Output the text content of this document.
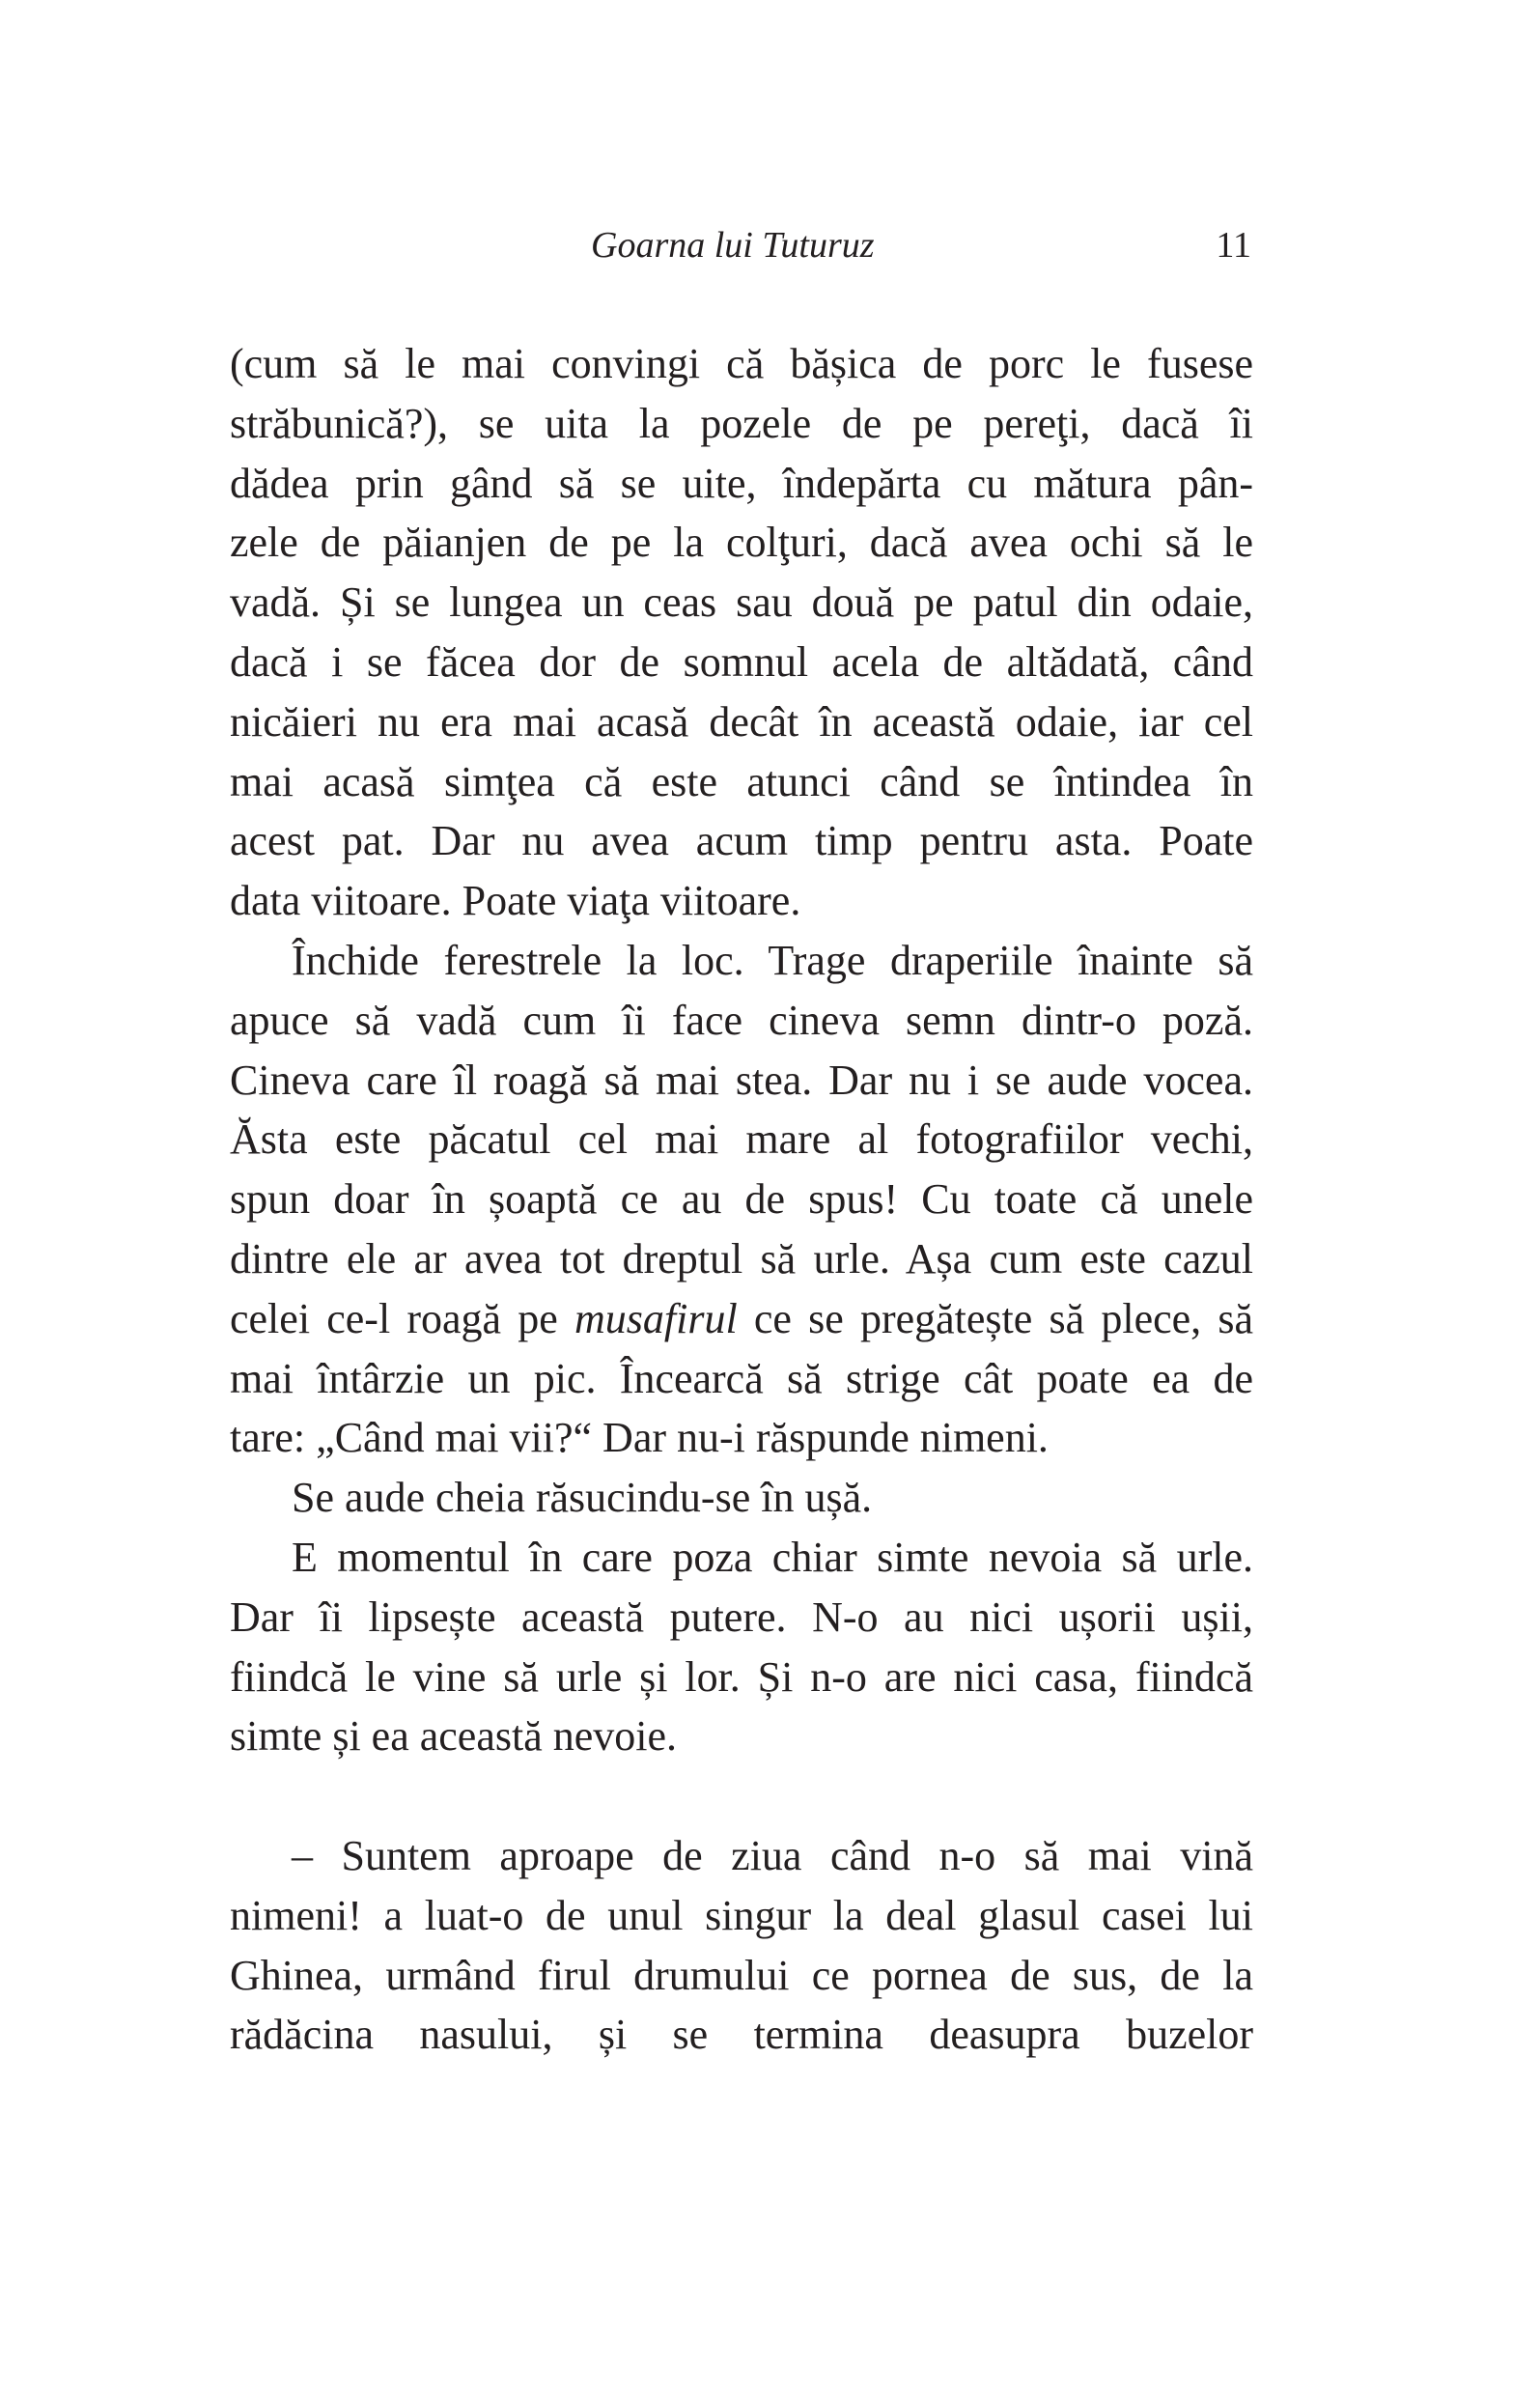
Goarna lui Tuturuz	11
(cum să le mai convingi că bășica de porc le fusese
străbunică?), se uita la pozele de pe pereţi, dacă îi
dădea prin gând să se uite, îndepărta cu mătura pân-
zele de păianjen de pe la colţuri, dacă avea ochi să le
vadă. Și se lungea un ceas sau două pe patul din odaie,
dacă i se făcea dor de somnul acela de altădată, când
nicăieri nu era mai acasă decât în această odaie, iar cel
mai acasă simţea că este atunci când se întindea în
acest pat. Dar nu avea acum timp pentru asta. Poate
data viitoare. Poate viaţa viitoare.
Închide ferestrele la loc. Trage draperiile înainte să
apuce să vadă cum îi face cineva semn dintr-o poză.
Cineva care îl roagă să mai stea. Dar nu i se aude vocea.
Ăsta este păcatul cel mai mare al fotografiilor vechi,
spun doar în șoaptă ce au de spus! Cu toate că unele
dintre ele ar avea tot dreptul să urle. Așa cum este cazul
celei ce-l roagă pe musafirul ce se pregătește să plece, să
mai întârzie un pic. Încearcă să strige cât poate ea de
tare: „Când mai vii?“ Dar nu-i răspunde nimeni.
Se aude cheia răsucindu-se în ușă.
E momentul în care poza chiar simte nevoia să urle.
Dar îi lipsește această putere. N-o au nici ușorii ușii,
fiindcă le vine să urle și lor. Și n-o are nici casa, fiindcă
simte și ea această nevoie.
– Suntem aproape de ziua când n-o să mai vină
nimeni! a luat-o de unul singur la deal glasul casei lui
Ghinea, urmând firul drumului ce pornea de sus, de la
rădăcina nasului, și se termina deasupra buzelor
